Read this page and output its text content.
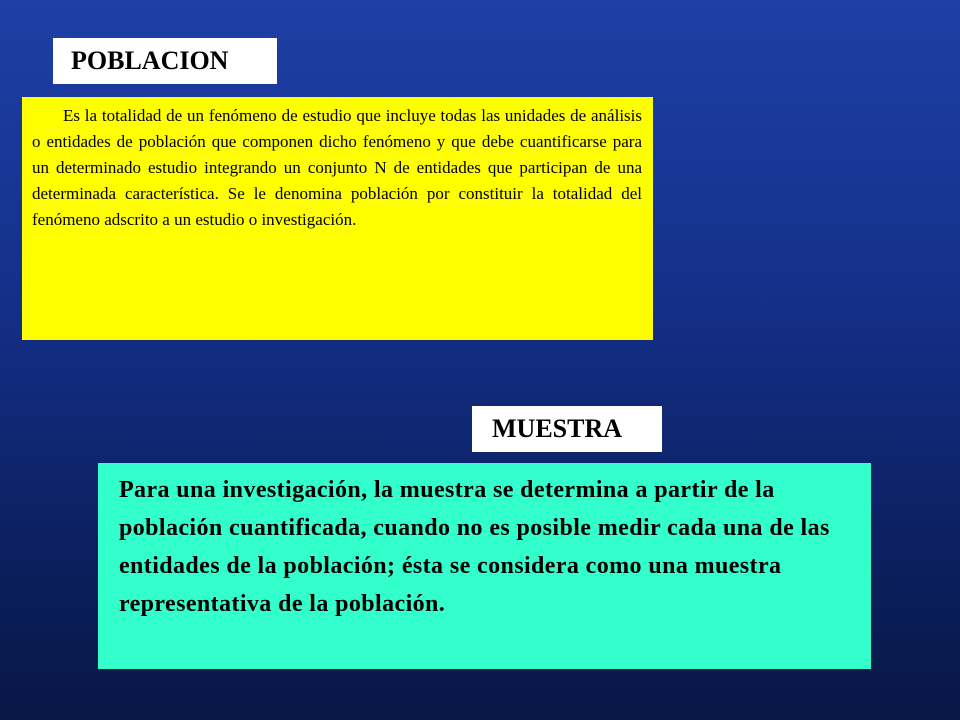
POBLACION
Es la totalidad de un fenómeno de estudio que incluye todas las unidades de análisis o entidades de población que componen dicho fenómeno y que debe cuantificarse para un determinado estudio integrando un conjunto N de entidades que participan de una determinada característica. Se le denomina población por constituir la totalidad del fenómeno adscrito a un estudio o investigación.
MUESTRA
Para una investigación, la muestra se determina a partir de la población cuantificada, cuando no es posible medir cada una de las entidades de la población; ésta se considera como una muestra representativa de la población.
